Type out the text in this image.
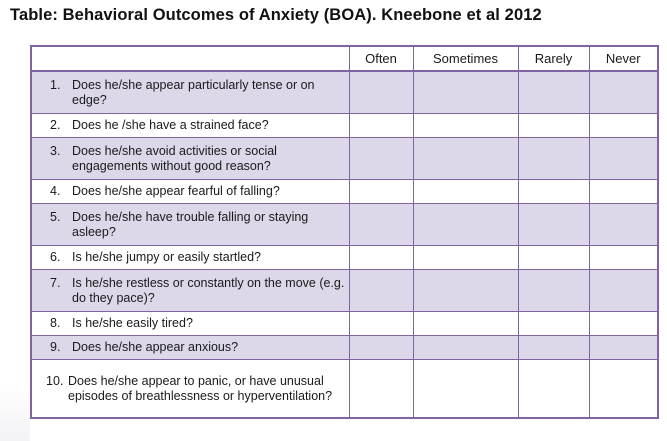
Table: Behavioral Outcomes of Anxiety (BOA). Kneebone et al 2012
	Often	Sometimes	Rarely	Never

1. Does he/she appear particularly tense or on edge?				

2. Does he /she have a strained face?				

3. Does he/she avoid activities or social engagements without good reason?				

4. Does he/she appear fearful of falling?				

5. Does he/she have trouble falling or staying asleep?				

6. Is he/she jumpy or easily startled?				

7. Is he/she restless or constantly on the move (e.g. do they pace)?				

8. Is he/she easily tired?				

9. Does he/she appear anxious?				

10. Does he/she appear to panic, or have unusual episodes of breathlessness or hyperventilation?				
